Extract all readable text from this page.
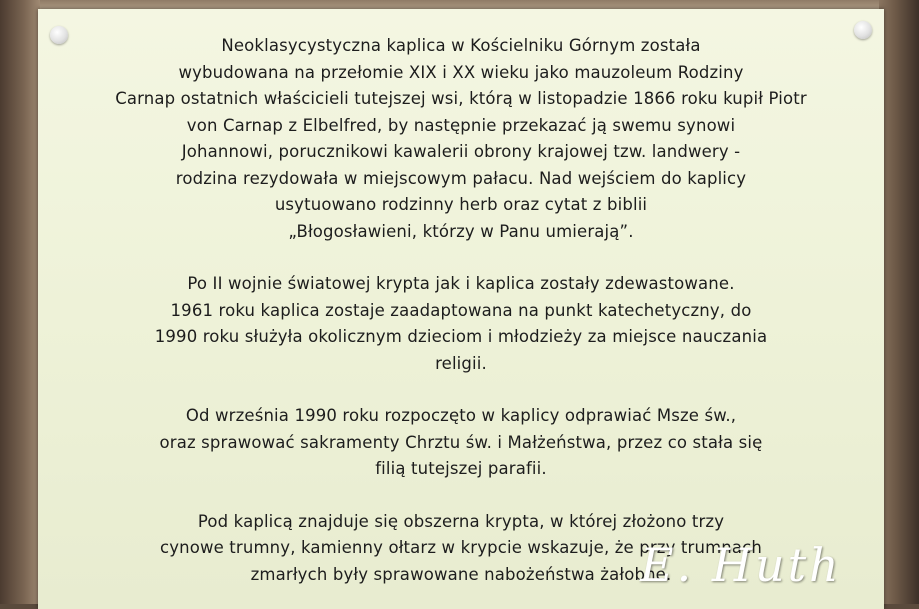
Neoklasycystyczna kaplica w Kościelniku Górnym została
wybudowana na przełomie XIX i XX wieku jako mauzoleum Rodziny
Carnap ostatnich właścicieli tutejszej wsi, którą w listopadzie 1866 roku kupił Piotr
von Carnap z Elbelfred, by następnie przekazać ją swemu synowi
Johannowi, porucznikowi kawalerii obrony krajowej tzw. landwery -
rodzina rezydowała w miejscowym pałacu. Nad wejściem do kaplicy
usytuowano rodzinny herb oraz cytat z biblii
„Błogosławieni, którzy w Panu umierają”.
Po II wojnie światowej krypta jak i kaplica zostały zdewastowane.
1961 roku kaplica zostaje zaadaptowana na punkt katechetyczny, do
1990 roku służyła okolicznym dzieciom i młodzieży za miejsce nauczania
religii.
Od września 1990 roku rozpoczęto w kaplicy odprawiać Msze św.,
oraz sprawować sakramenty Chrztu św. i Małżeństwa, przez co stała się
filią tutejszej parafii.
Pod kaplicą znajduje się obszerna krypta, w której złożono trzy
cynowe trumny, kamienny ołtarz w krypcie wskazuje, że przy trumnach
zmarłych były sprawowane nabożeństwa żałobne.
E. Huth
